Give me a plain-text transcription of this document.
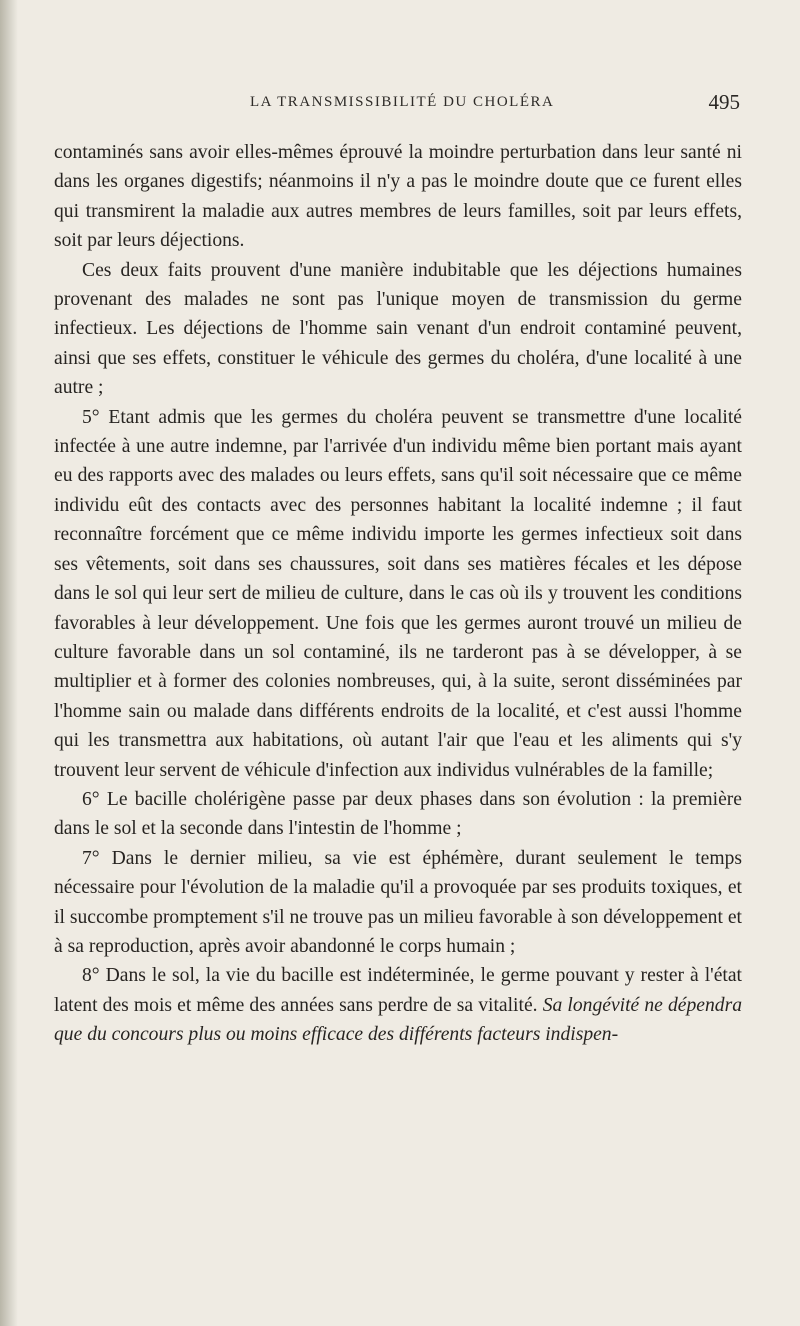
LA TRANSMISSIBILITÉ DU CHOLÉRA	495

contaminés sans avoir elles-mêmes éprouvé la moindre perturbation dans leur santé ni dans les organes digestifs; néanmoins il n'y a pas le moindre doute que ce furent elles qui transmirent la maladie aux autres membres de leurs familles, soit par leurs effets, soit par leurs déjections.

Ces deux faits prouvent d'une manière indubitable que les déjections humaines provenant des malades ne sont pas l'unique moyen de transmission du germe infectieux. Les déjections de l'homme sain venant d'un endroit contaminé peuvent, ainsi que ses effets, constituer le véhicule des germes du choléra, d'une localité à une autre ;

5° Etant admis que les germes du choléra peuvent se transmettre d'une localité infectée à une autre indemne, par l'arrivée d'un individu même bien portant mais ayant eu des rapports avec des malades ou leurs effets, sans qu'il soit nécessaire que ce même individu eût des contacts avec des personnes habitant la localité indemne ; il faut reconnaître forcément que ce même individu importe les germes infectieux soit dans ses vêtements, soit dans ses chaussures, soit dans ses matières fécales et les dépose dans le sol qui leur sert de milieu de culture, dans le cas où ils y trouvent les conditions favorables à leur développement. Une fois que les germes auront trouvé un milieu de culture favorable dans un sol contaminé, ils ne tarderont pas à se développer, à se multiplier et à former des colonies nombreuses, qui, à la suite, seront disséminées par l'homme sain ou malade dans différents endroits de la localité, et c'est aussi l'homme qui les transmettra aux habitations, où autant l'air que l'eau et les aliments qui s'y trouvent leur servent de véhicule d'infection aux individus vulnérables de la famille;

6° Le bacille cholérigène passe par deux phases dans son évolution : la première dans le sol et la seconde dans l'intestin de l'homme ;

7° Dans le dernier milieu, sa vie est éphémère, durant seulement le temps nécessaire pour l'évolution de la maladie qu'il a provoquée par ses produits toxiques, et il succombe promptement s'il ne trouve pas un milieu favorable à son développement et à sa reproduction, après avoir abandonné le corps humain ;

8° Dans le sol, la vie du bacille est indéterminée, le germe pouvant y rester à l'état latent des mois et même des années sans perdre de sa vitalité. Sa longévité ne dépendra que du concours plus ou moins efficace des différents facteurs indispen-
